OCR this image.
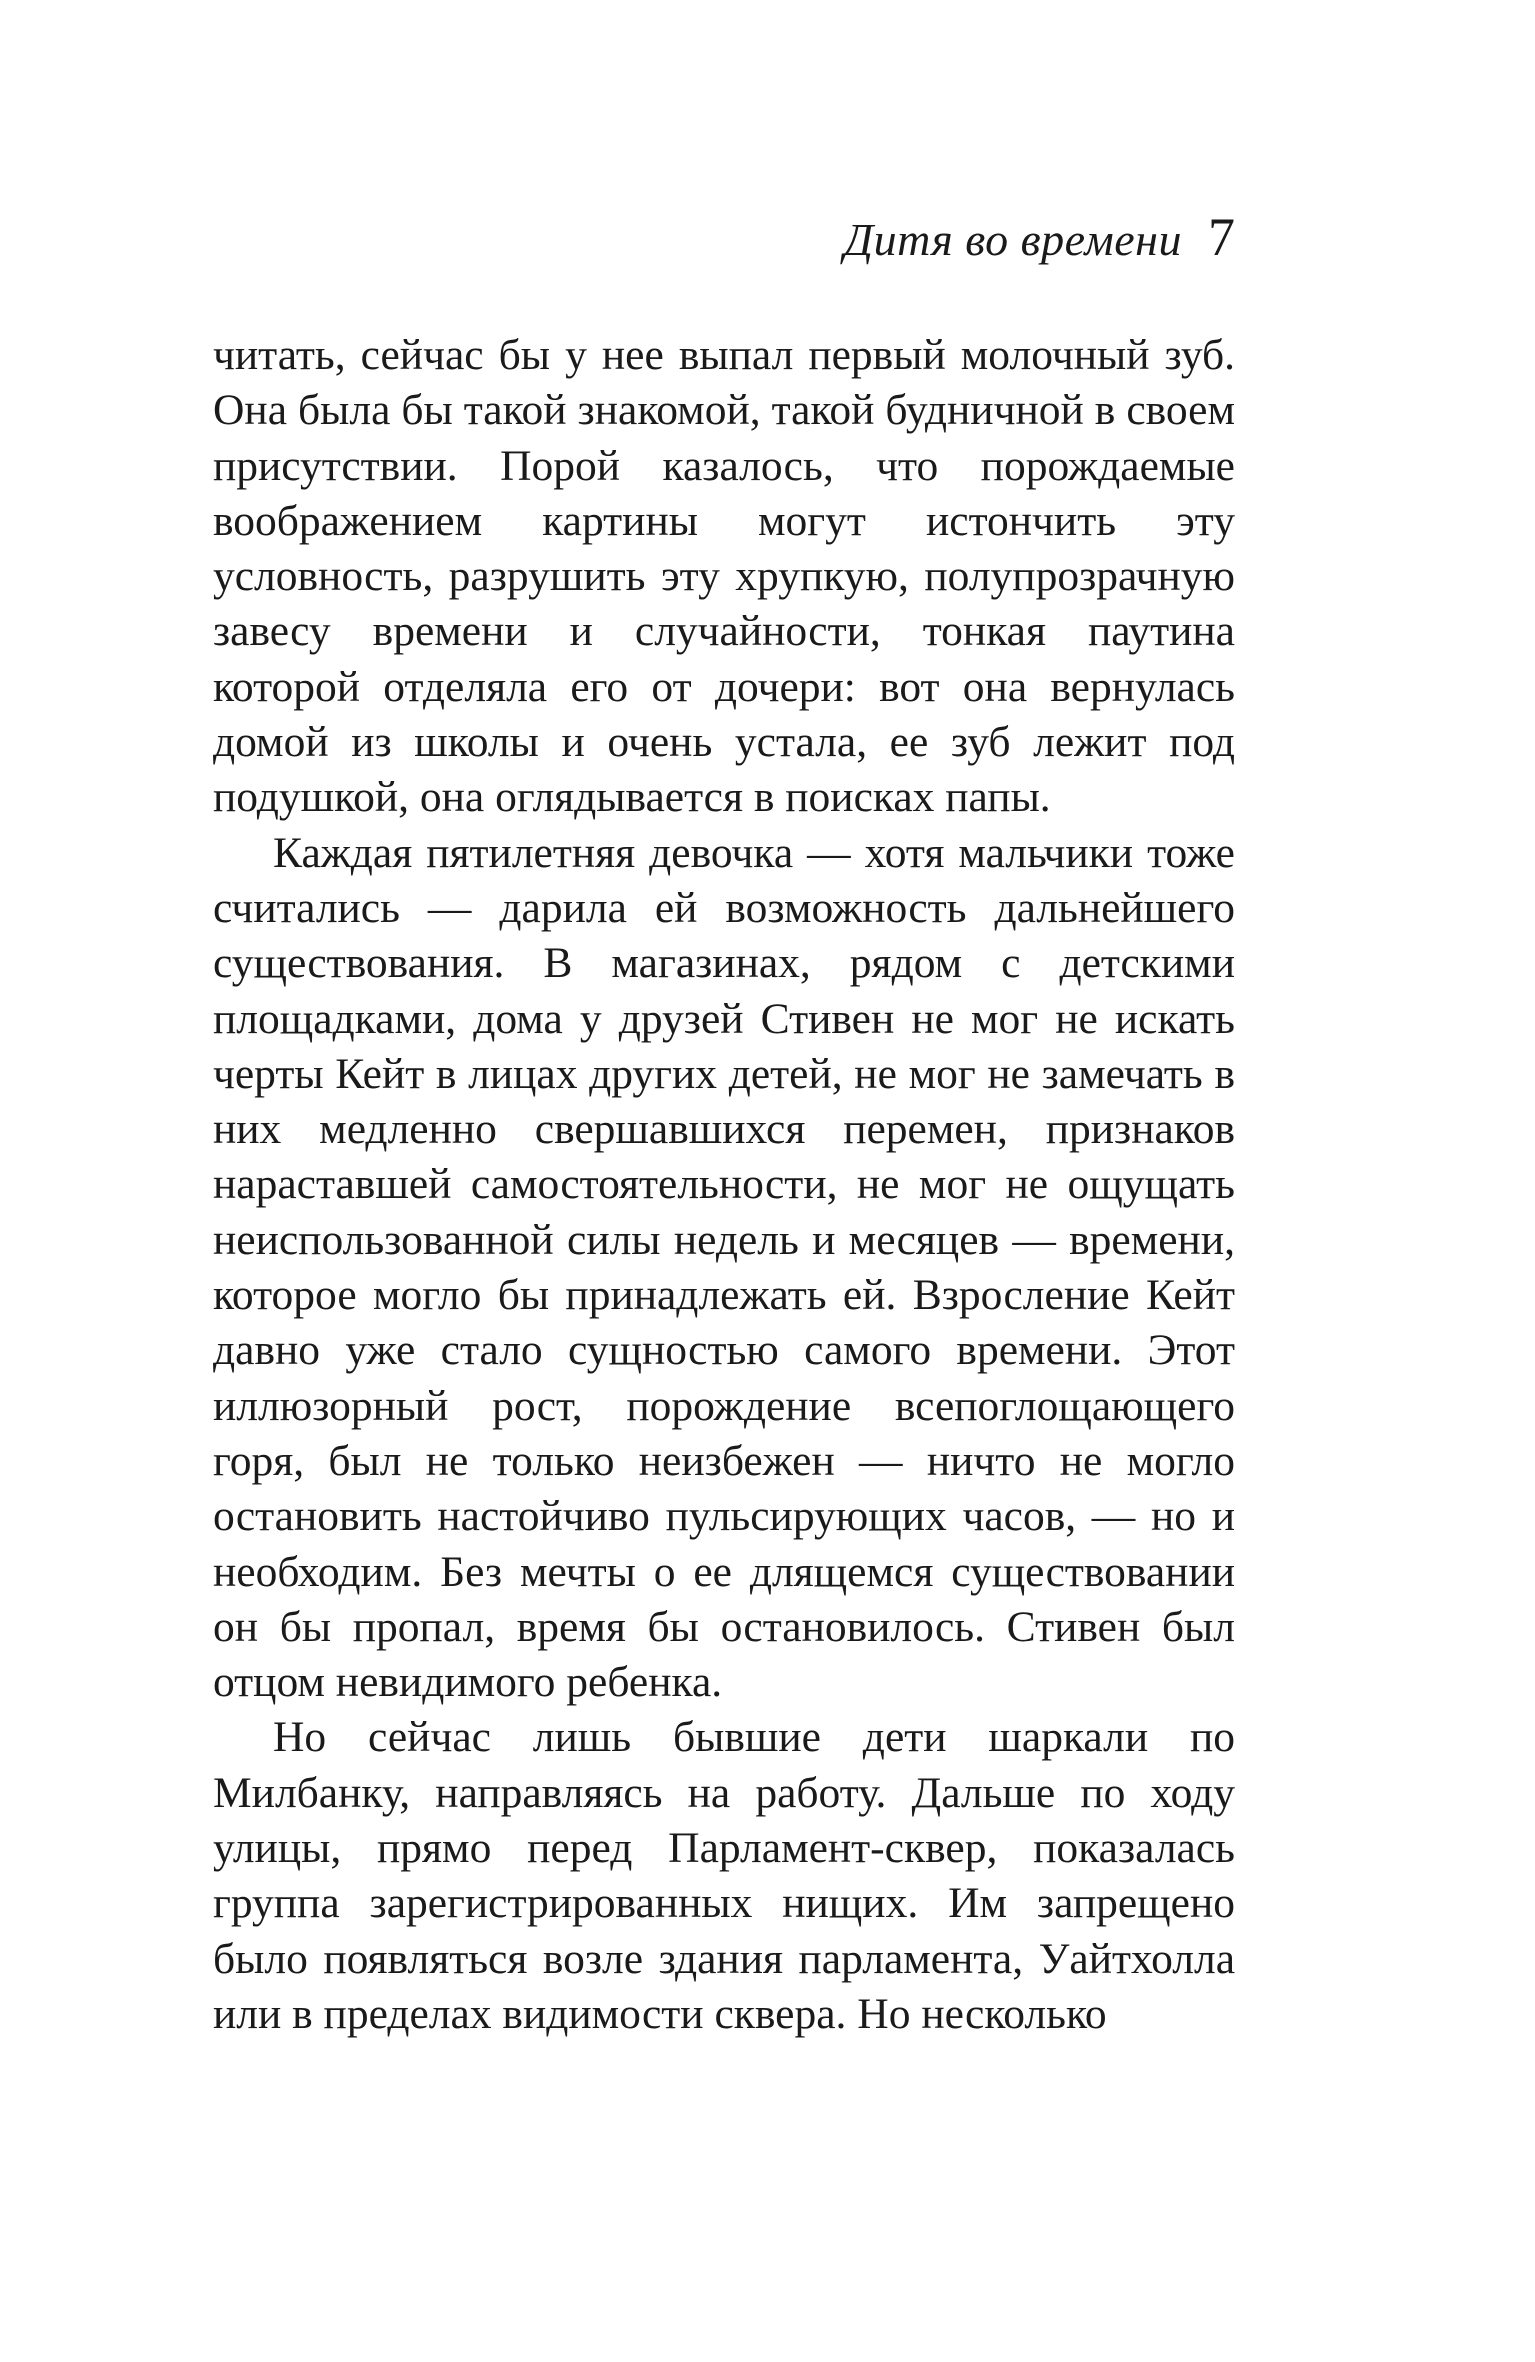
Дитя во времени 7

читать, сейчас бы у нее выпал первый молочный зуб. Она была бы такой знакомой, такой будничной в своем присутствии. Порой казалось, что порождаемые воображением картины могут истончить эту условность, разрушить эту хрупкую, полупрозрачную завесу времени и случайности, тонкая паутина которой отделяла его от дочери: вот она вернулась домой из школы и очень устала, ее зуб лежит под подушкой, она оглядывается в поисках папы.

Каждая пятилетняя девочка — хотя мальчики тоже считались — дарила ей возможность дальнейшего существования. В магазинах, рядом с детскими площадками, дома у друзей Стивен не мог не искать черты Кейт в лицах других детей, не мог не замечать в них медленно свершавшихся перемен, признаков нараставшей самостоятельности, не мог не ощущать неиспользованной силы недель и месяцев — времени, которое могло бы принадлежать ей. Взросление Кейт давно уже стало сущностью самого времени. Этот иллюзорный рост, порождение всепоглощающего горя, был не только неизбежен — ничто не могло остановить настойчиво пульсирующих часов, — но и необходим. Без мечты о ее длящемся существовании он бы пропал, время бы остановилось. Стивен был отцом невидимого ребенка.

Но сейчас лишь бывшие дети шаркали по Милбанку, направляясь на работу. Дальше по ходу улицы, прямо перед Парламент-сквер, показалась группа зарегистрированных нищих. Им запрещено было появляться возле здания парламента, Уайтхолла или в пределах видимости сквера. Но несколько
